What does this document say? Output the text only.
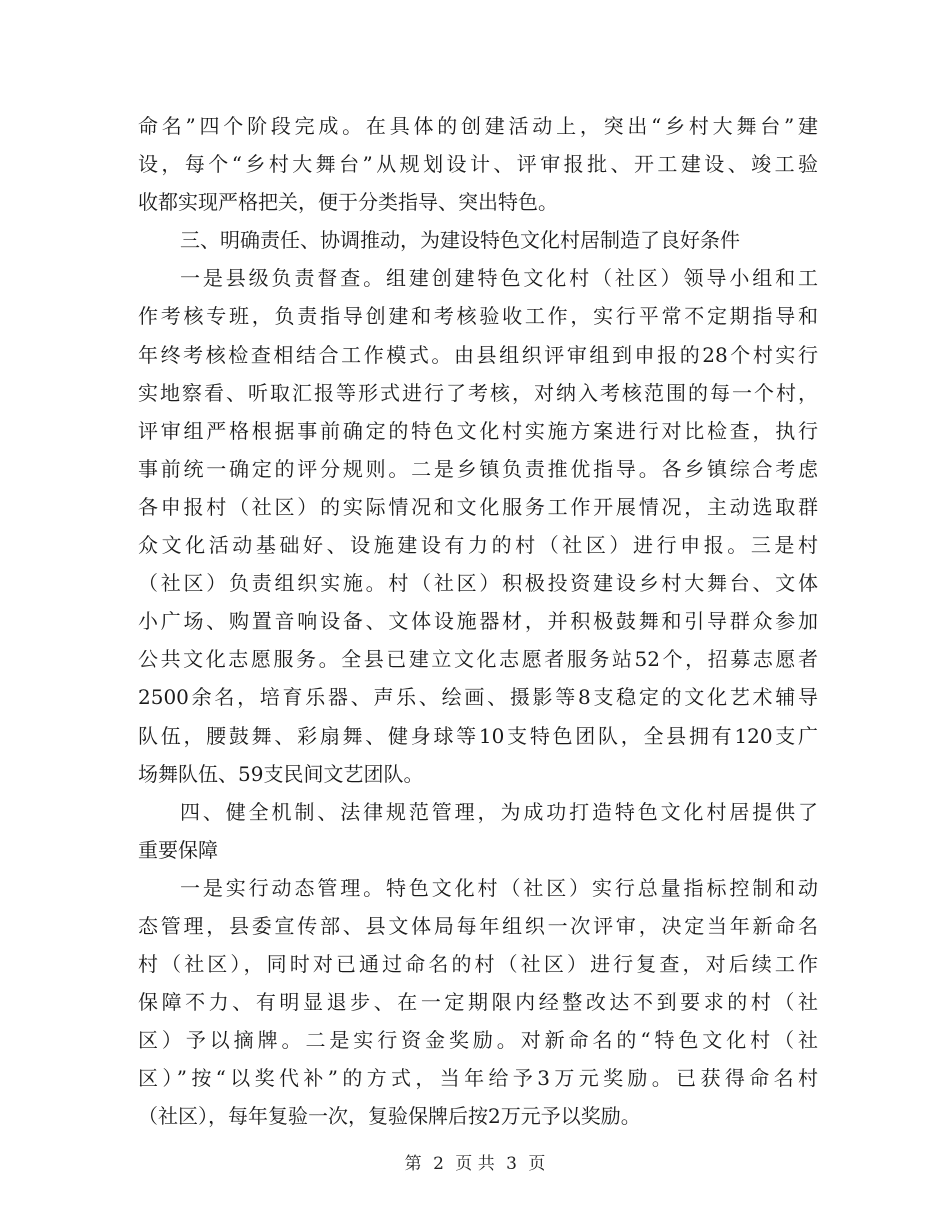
命名”四个阶段完成。在具体的创建活动上，突出“乡村大舞台”建
设，每个“乡村大舞台”从规划设计、评审报批、开工建设、竣工验
收都实现严格把关，便于分类指导、突出特色。
三、明确责任、协调推动，为建设特色文化村居制造了良好条件
一是县级负责督查。组建创建特色文化村（社区）领导小组和工
作考核专班，负责指导创建和考核验收工作，实行平常不定期指导和
年终考核检查相结合工作模式。由县组织评审组到申报的28个村实行
实地察看、听取汇报等形式进行了考核，对纳入考核范围的每一个村，
评审组严格根据事前确定的特色文化村实施方案进行对比检查，执行
事前统一确定的评分规则。二是乡镇负责推优指导。各乡镇综合考虑
各申报村（社区）的实际情况和文化服务工作开展情况，主动选取群
众文化活动基础好、设施建设有力的村（社区）进行申报。三是村
（社区）负责组织实施。村（社区）积极投资建设乡村大舞台、文体
小广场、购置音响设备、文体设施器材，并积极鼓舞和引导群众参加
公共文化志愿服务。全县已建立文化志愿者服务站52个，招募志愿者
2500余名，培育乐器、声乐、绘画、摄影等8支稳定的文化艺术辅导
队伍，腰鼓舞、彩扇舞、健身球等10支特色团队，全县拥有120支广
场舞队伍、59支民间文艺团队。
四、健全机制、法律规范管理，为成功打造特色文化村居提供了
重要保障
一是实行动态管理。特色文化村（社区）实行总量指标控制和动
态管理，县委宣传部、县文体局每年组织一次评审，决定当年新命名
村（社区），同时对已通过命名的村（社区）进行复查，对后续工作
保障不力、有明显退步、在一定期限内经整改达不到要求的村（社
区）予以摘牌。二是实行资金奖励。对新命名的“特色文化村（社
区）”按“以奖代补”的方式，当年给予3万元奖励。已获得命名村
（社区），每年复验一次，复验保牌后按2万元予以奖励。
第 2 页 共 3 页
